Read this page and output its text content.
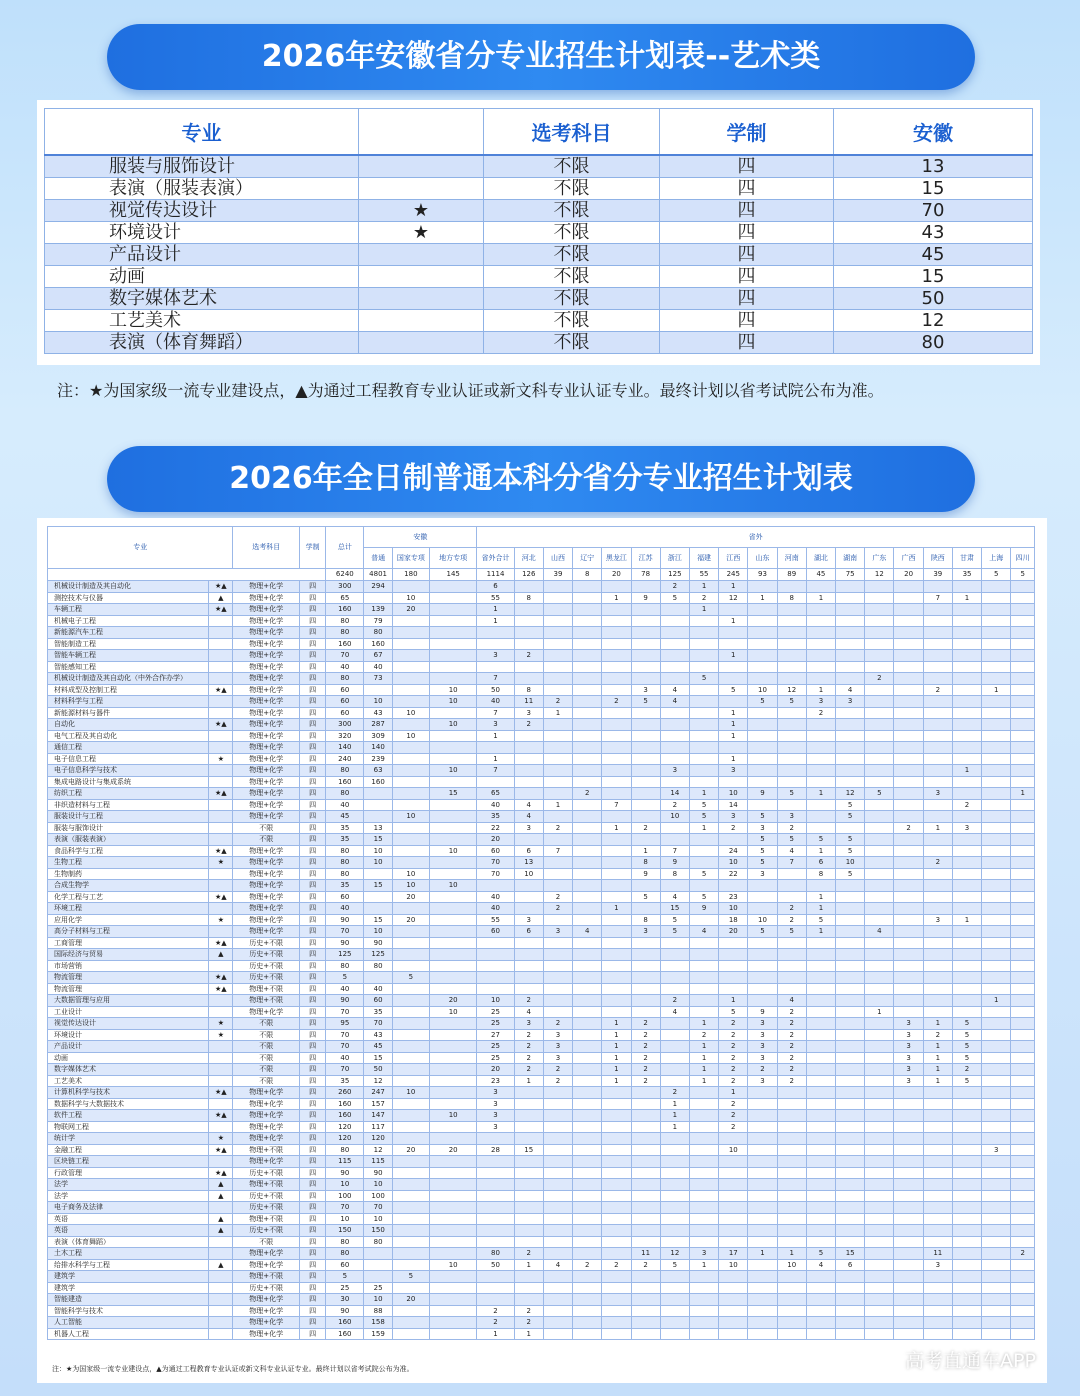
2026年安徽省分专业招生计划表--艺术类
专业		选考科目	学制	安徽
服装与服饰设计		不限	四	13
表演（服装表演）		不限	四	15
视觉传达设计	★	不限	四	70
环境设计	★	不限	四	43
产品设计		不限	四	45
动画		不限	四	15
数字媒体艺术		不限	四	50
工艺美术		不限	四	12
表演（体育舞蹈）		不限	四	80
注：★为国家级一流专业建设点，▲为通过工程教育专业认证或新文科专业认证专业。最终计划以省考试院公布为准。
2026年全日制普通本科分省分专业招生计划表
专业		选考科目	学制	总计	安徽			省外																		
					普通	国家专项	地方专项	省外合计	河北	山西	辽宁	黑龙江	江苏	浙江	福建	江西	山东	河南	湖北	湖南	广东	广西	陕西	甘肃	上海	四川
				6240	4801	180	145	1114	126	39	8	20	78	125	55	245	93	89	45	75	12	20	39	35	5	5
机械设计制造及其自动化	★▲	物理+化学	四	300	294			6						2	1	1										
测控技术与仪器	▲	物理+化学	四	65		10		55	8			1	9	5	2	12	1	8	1				7	1		
车辆工程	★▲	物理+化学	四	160	139	20		1							1											
机械电子工程		物理+化学	四	80	79			1								1										
新能源汽车工程		物理+化学	四	80	80																					
智能制造工程		物理+化学	四	160	160																					
智能车辆工程		物理+化学	四	70	67			3	2							1										
智能感知工程		物理+化学	四	40	40																					
机械设计制造及其自动化（中外合作办学）		物理+化学	四	80	73			7							5						2					
材料成型及控制工程	★▲	物理+化学	四	60			10	50	8				3	4		5	10	12	1	4			2		1	
材料科学与工程		物理+化学	四	60	10		10	40	11	2		2	5	4			5	5	3	3						
新能源材料与器件		物理+化学	四	60	43	10		7	3	1						1			2							
自动化	★▲	物理+化学	四	300	287		10	3	2							1										
电气工程及其自动化		物理+化学	四	320	309	10		1								1										
通信工程		物理+化学	四	140	140																					
电子信息工程	★	物理+化学	四	240	239			1								1										
电子信息科学与技术		物理+化学	四	80	63		10	7						3		3								1		
集成电路设计与集成系统		物理+化学	四	160	160																					
纺织工程	★▲	物理+化学	四	80			15	65			2			14	1	10	9	5	1	12	5		3			1
非织造材料与工程		物理+化学	四	40				40	4	1		7		2	5	14				5				2		
服装设计与工程		物理+化学	四	45		10		35	4					10	5	3	5	3		5						
服装与服饰设计		不限	四	35	13			22	3	2		1	2		1	2	3	2				2	1	3		
表演（服装表演）		不限	四	35	15			20									5	5	5	5						
食品科学与工程	★▲	物理+化学	四	80	10		10	60	6	7			1	7		24	5	4	1	5						
生物工程	★	物理+化学	四	80	10			70	13				8	9		10	5	7	6	10			2			
生物制药		物理+化学	四	80		10		70	10				9	8	5	22	3		8	5						
合成生物学		物理+化学	四	35	15	10	10																			
化学工程与工艺	★▲	物理+化学	四	60		20		40		2			5	4	5	23			1							
环境工程		物理+化学	四	40				40		2		1		15	9	10		2	1							
应用化学	★	物理+化学	四	90	15	20		55	3				8	5		18	10	2	5				3	1		
高分子材料与工程		物理+化学	四	70	10			60	6	3	4		3	5	4	20	5	5	1		4					
工商管理	★▲	历史+不限	四	90	90																					
国际经济与贸易	▲	历史+不限	四	125	125																					
市场营销		历史+不限	四	80	80																					
物流管理	★▲	历史+不限	四	5		5																				
物流管理	★▲	物理+不限	四	40	40																					
大数据管理与应用		物理+不限	四	90	60		20	10	2					2		1		4							1	
工业设计		物理+化学	四	70	35		10	25	4					4		5	9	2			1					
视觉传达设计	★	不限	四	95	70			25	3	2		1	2		1	2	3	2				3	1	5		
环境设计	★	不限	四	70	43			27	2	3		1	2		2	2	3	2				3	2	5		
产品设计		不限	四	70	45			25	2	3		1	2		1	2	3	2				3	1	5		
动画		不限	四	40	15			25	2	3		1	2		1	2	3	2				3	1	5		
数字媒体艺术		不限	四	70	50			20	2	2		1	2		1	2	2	2				3	1	2		
工艺美术		不限	四	35	12			23	1	2		1	2		1	2	3	2				3	1	5		
计算机科学与技术	★▲	物理+化学	四	260	247	10		3						2		1										
数据科学与大数据技术		物理+化学	四	160	157			3						1		2										
软件工程	★▲	物理+化学	四	160	147		10	3						1		2										
物联网工程		物理+化学	四	120	117			3						1		2										
统计学	★	物理+化学	四	120	120																					
金融工程	★▲	物理+不限	四	80	12	20	20	28	15							10									3	
区块链工程		物理+化学	四	115	115																					
行政管理	★▲	历史+不限	四	90	90																					
法学	▲	物理+不限	四	10	10																					
法学	▲	历史+不限	四	100	100																					
电子商务及法律		历史+不限	四	70	70																					
英语	▲	物理+不限	四	10	10																					
英语	▲	历史+不限	四	150	150																					
表演（体育舞蹈）		不限	四	80	80																					
土木工程		物理+化学	四	80				80	2				11	12	3	17	1	1	5	15			11			2
给排水科学与工程	▲	物理+化学	四	60			10	50	1	4	2	2	2	5	1	10		10	4	6			3			
建筑学		物理+不限	四	5		5																				
建筑学		历史+不限	四	25	25																					
智能建造		物理+化学	四	30	10	20																				
智能科学与技术		物理+化学	四	90	88			2	2																	
人工智能		物理+化学	四	160	158			2	2																	
机器人工程		物理+化学	四	160	159			1	1																	
注：★为国家级一流专业建设点，▲为通过工程教育专业认证或新文科专业认证专业。最终计划以省考试院公布为准。	高考直通车APP
